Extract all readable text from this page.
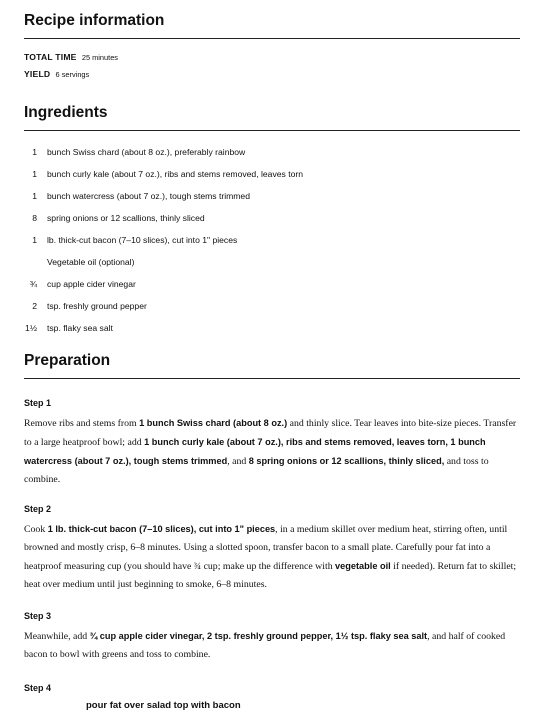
Recipe information
TOTAL TIME 25 minutes
YIELD 6 servings
Ingredients
1 bunch Swiss chard (about 8 oz.), preferably rainbow
1 bunch curly kale (about 7 oz.), ribs and stems removed, leaves torn
1 bunch watercress (about 7 oz.), tough stems trimmed
8 spring onions or 12 scallions, thinly sliced
1 lb. thick-cut bacon (7–10 slices), cut into 1" pieces
Vegetable oil (optional)
¾ cup apple cider vinegar
2 tsp. freshly ground pepper
1½ tsp. flaky sea salt
Preparation
Step 1
Remove ribs and stems from 1 bunch Swiss chard (about 8 oz.) and thinly slice. Tear leaves into bite-size pieces. Transfer to a large heatproof bowl; add 1 bunch curly kale (about 7 oz.), ribs and stems removed, leaves torn, 1 bunch watercress (about 7 oz.), tough stems trimmed, and 8 spring onions or 12 scallions, thinly sliced, and toss to combine.
Step 2
Cook 1 lb. thick-cut bacon (7–10 slices), cut into 1" pieces, in a medium skillet over medium heat, stirring often, until browned and mostly crisp, 6–8 minutes. Using a slotted spoon, transfer bacon to a small plate. Carefully pour fat into a heatproof measuring cup (you should have ¾ cup; make up the difference with vegetable oil if needed). Return fat to skillet; heat over medium until just beginning to smoke, 6–8 minutes.
Step 3
Meanwhile, add ¾ cup apple cider vinegar, 2 tsp. freshly ground pepper, 1½ tsp. flaky sea salt, and half of cooked bacon to bowl with greens and toss to combine.
Step 4
pour fat over salad top with bacon
